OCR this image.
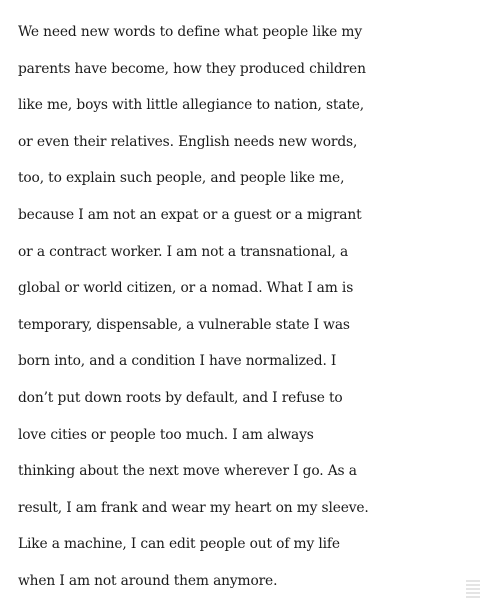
We need new words to define what people like my
parents have become, how they produced children
like me, boys with little allegiance to nation, state,
or even their relatives. English needs new words,
too, to explain such people, and people like me,
because I am not an expat or a guest or a migrant
or a contract worker. I am not a transnational, a
global or world citizen, or a nomad. What I am is
temporary, dispensable, a vulnerable state I was
born into, and a condition I have normalized. I
don’t put down roots by default, and I refuse to
love cities or people too much. I am always
thinking about the next move wherever I go. As a
result, I am frank and wear my heart on my sleeve.
Like a machine, I can edit people out of my life
when I am not around them anymore.
